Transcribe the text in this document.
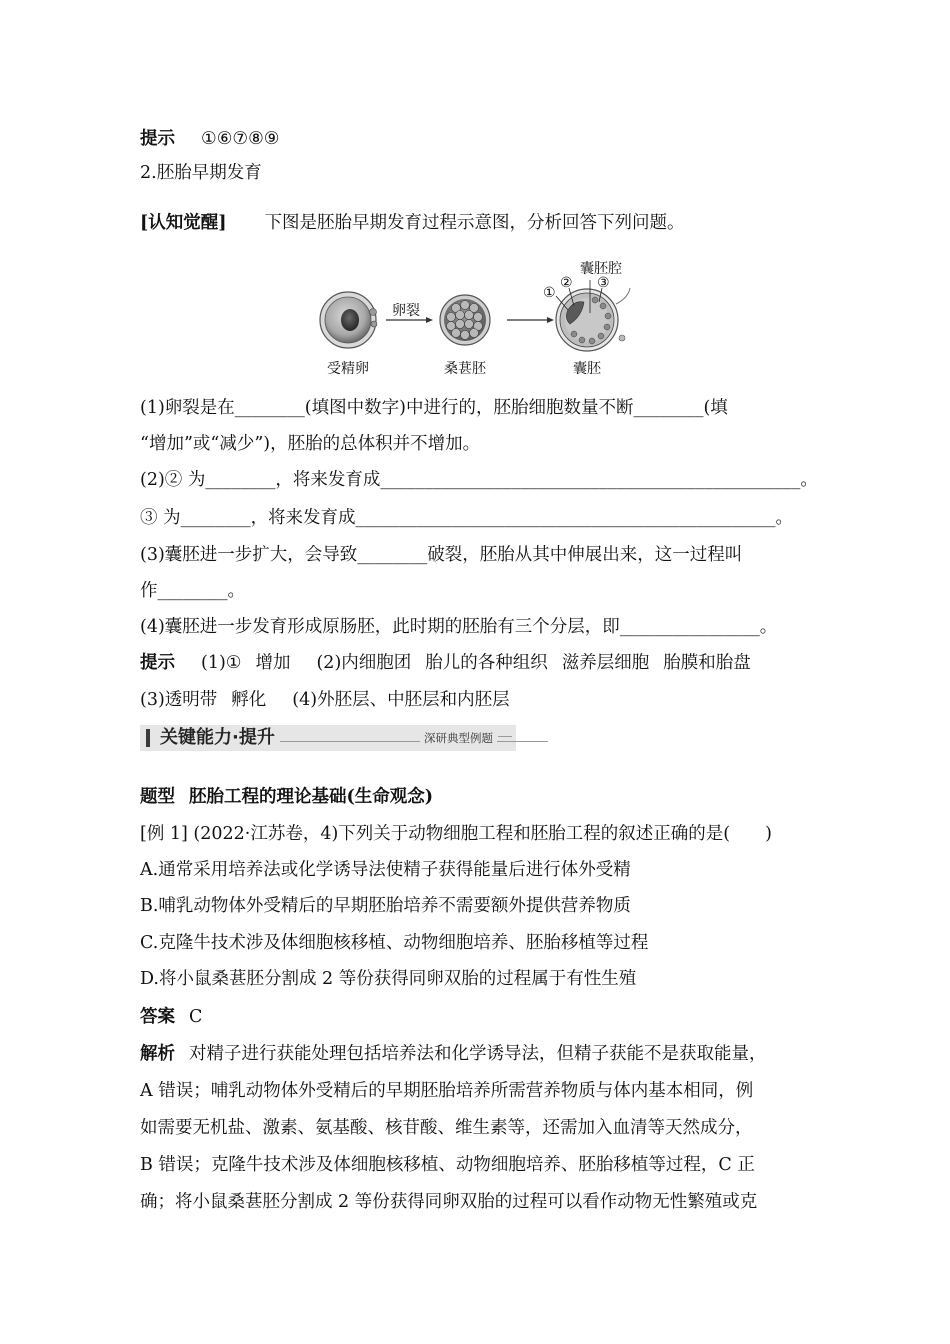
提示 ①⑥⑦⑧⑨
2.胚胎早期发育
[认知觉醒] 下图是胚胎早期发育过程示意图，分析回答下列问题。
囊胚腔
①
② ③
卵裂
受精卵	桑葚胚	囊胚
(1)卵裂是在________(填图中数字)中进行的，胚胎细胞数量不断________(填
“增加”或“减少”)，胚胎的总体积并不增加。
(2)② 为________，将来发育成________________________________________________。
③ 为________，将来发育成________________________________________________。
(3)囊胚进一步扩大，会导致________破裂，胚胎从其中伸展出来，这一过程叫
作________。
(4)囊胚进一步发育形成原肠胚，此时期的胚胎有三个分层，即________________。
提示 (1)① 增加 (2)内细胞团 胎儿的各种组织 滋养层细胞 胎膜和胎盘
(3)透明带 孵化 (4)外胚层、中胚层和内胚层
关键能力·提升	深研典型例题
题型 胚胎工程的理论基础(生命观念)
[例 1] (2022·江苏卷，4)下列关于动物细胞工程和胚胎工程的叙述正确的是(　　)
A.通常采用培养法或化学诱导法使精子获得能量后进行体外受精
B.哺乳动物体外受精后的早期胚胎培养不需要额外提供营养物质
C.克隆牛技术涉及体细胞核移植、动物细胞培养、胚胎移植等过程
D.将小鼠桑葚胚分割成 2 等份获得同卵双胎的过程属于有性生殖
答案 C
解析 对精子进行获能处理包括培养法和化学诱导法，但精子获能不是获取能量，
A 错误；哺乳动物体外受精后的早期胚胎培养所需营养物质与体内基本相同，例
如需要无机盐、激素、氨基酸、核苷酸、维生素等，还需加入血清等天然成分，
B 错误；克隆牛技术涉及体细胞核移植、动物细胞培养、胚胎移植等过程，C 正
确；将小鼠桑葚胚分割成 2 等份获得同卵双胎的过程可以看作动物无性繁殖或克
